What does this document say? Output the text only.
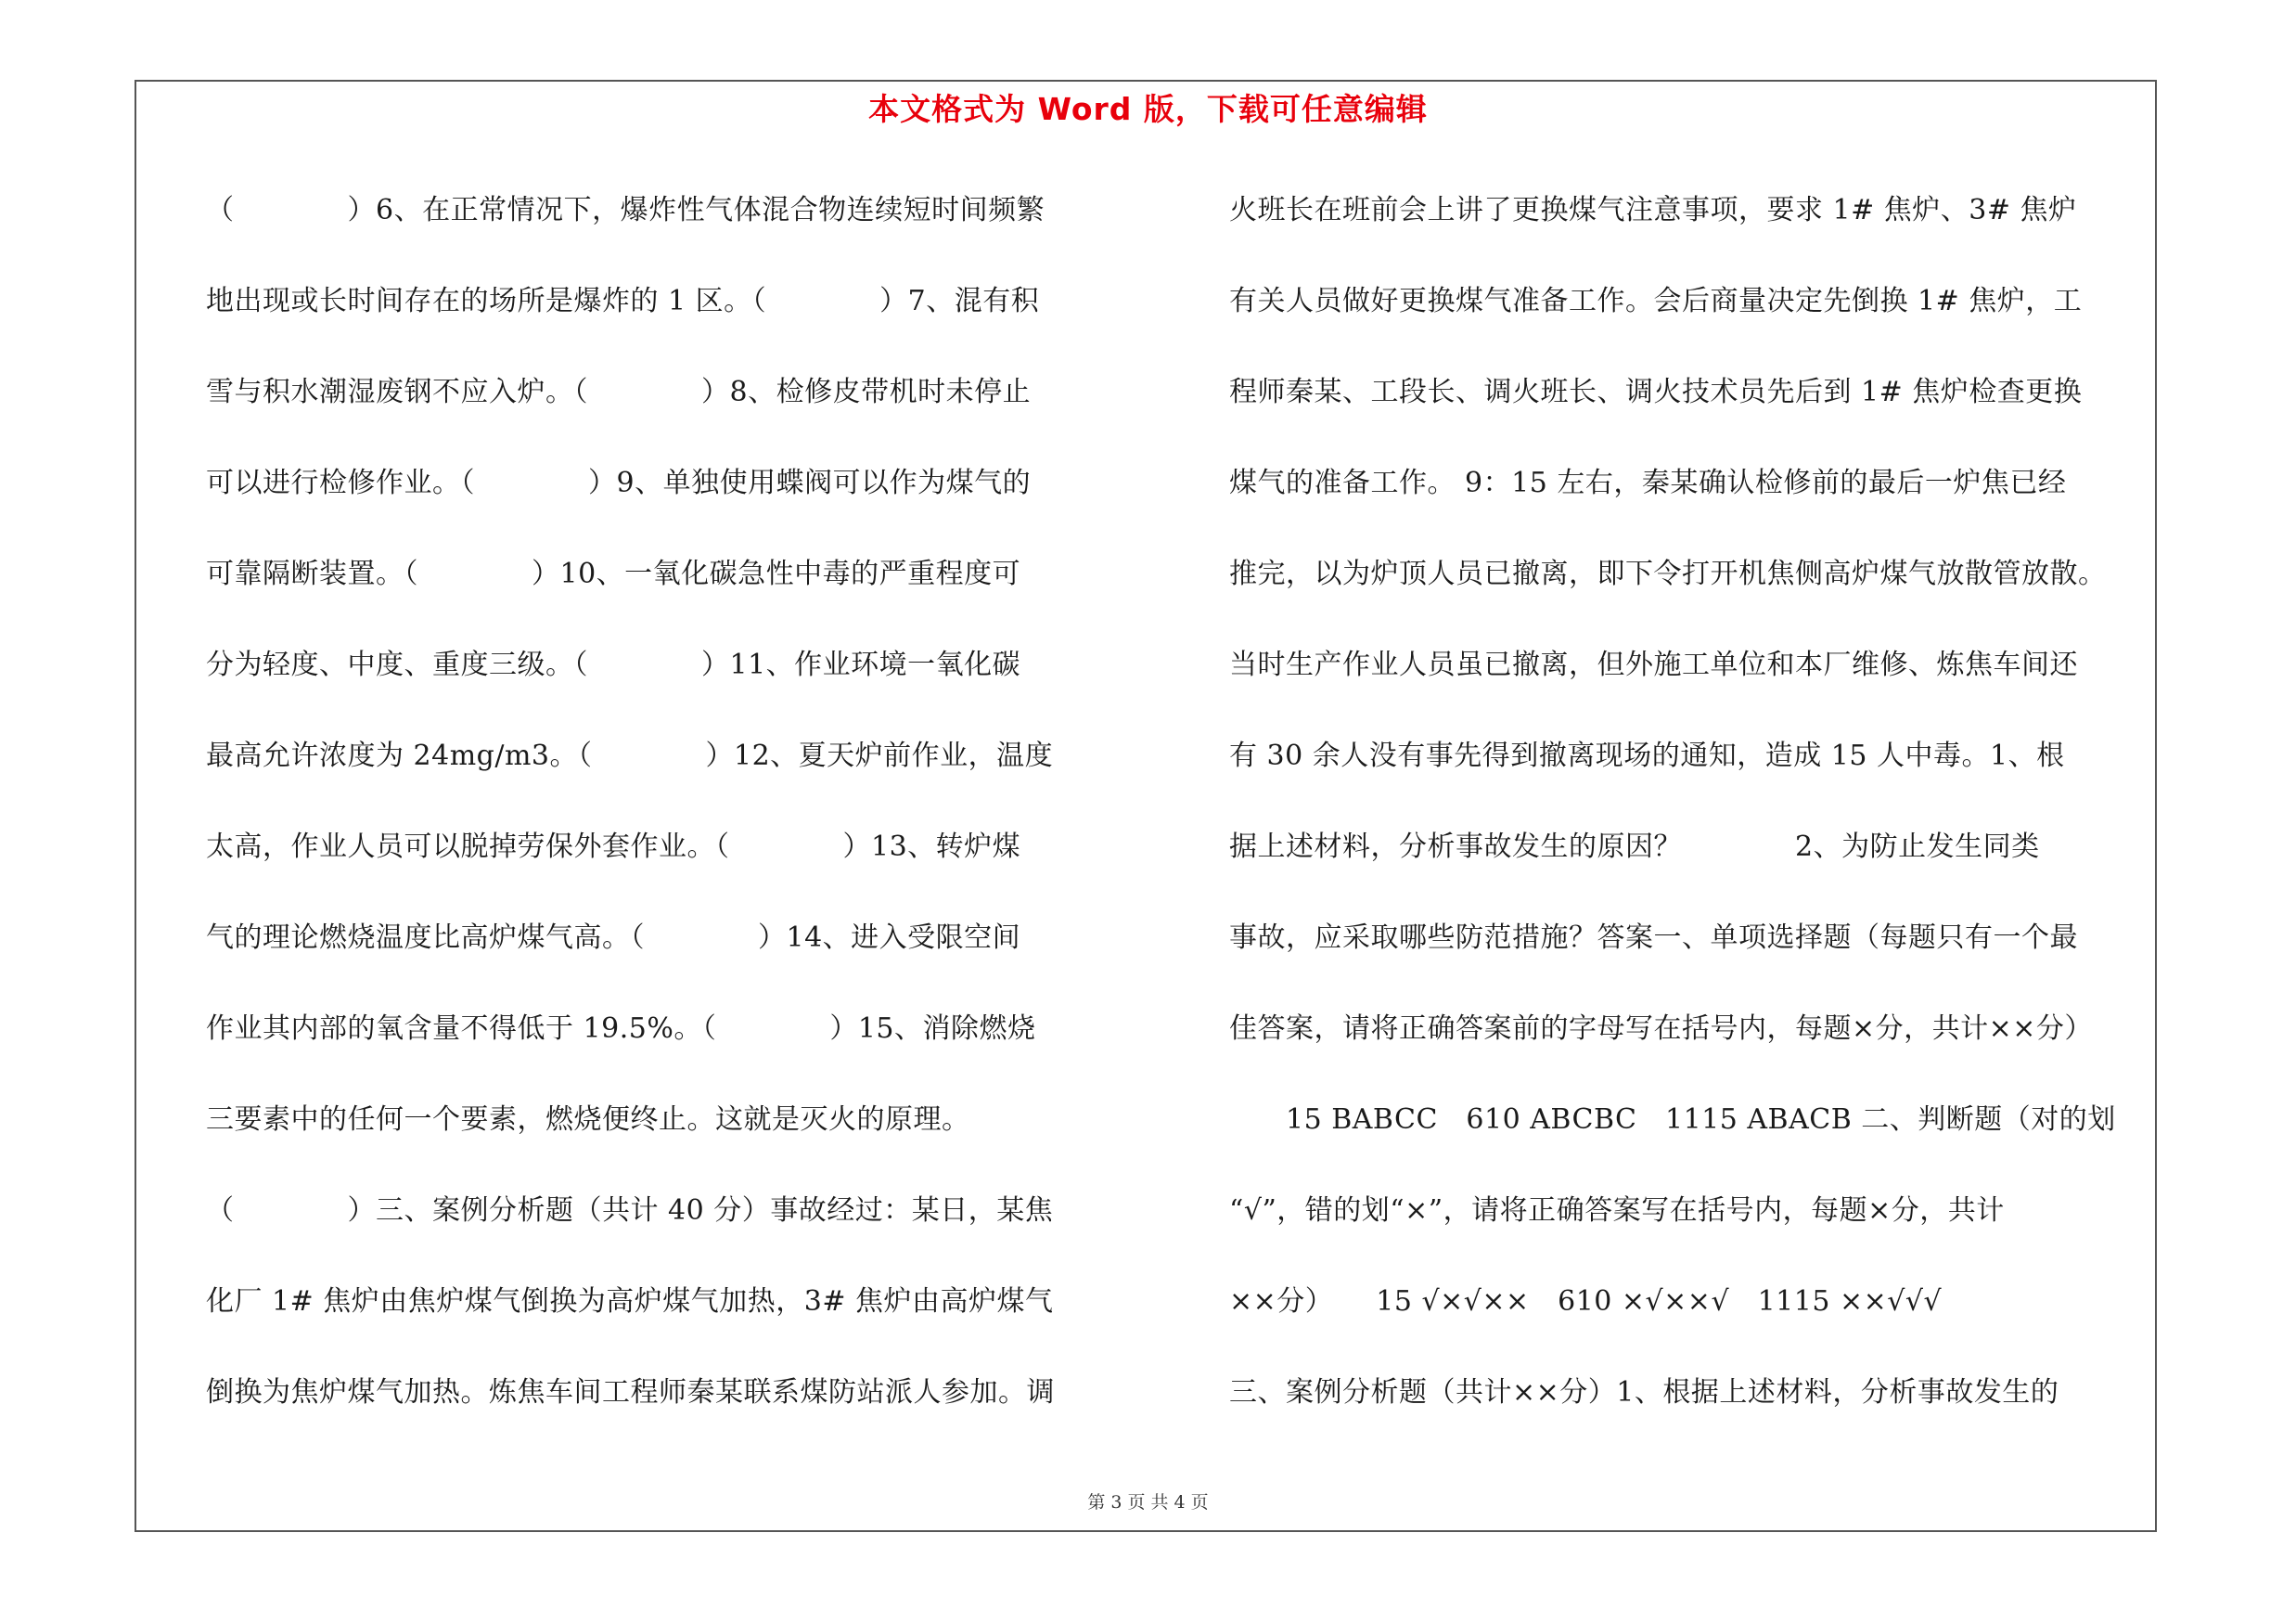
本文格式为 Word 版，下载可任意编辑
（　　　　）6、在正常情况下，爆炸性气体混合物连续短时间频繁
地出现或长时间存在的场所是爆炸的 1 区。（　　　　）7、混有积
雪与积水潮湿废钢不应入炉。（　　　　）8、检修皮带机时未停止
可以进行检修作业。（　　　　）9、单独使用蝶阀可以作为煤气的
可靠隔断装置。（　　　　）10、一氧化碳急性中毒的严重程度可
分为轻度、中度、重度三级。（　　　　）11、作业环境一氧化碳
最高允许浓度为 24mg/m3。（　　　　）12、夏天炉前作业，温度
太高，作业人员可以脱掉劳保外套作业。（　　　　）13、转炉煤
气的理论燃烧温度比高炉煤气高。（　　　　）14、进入受限空间
作业其内部的氧含量不得低于 19.5%。（　　　　）15、消除燃烧
三要素中的任何一个要素，燃烧便终止。这就是灭火的原理。
（　　　　）三、案例分析题（共计 40 分）事故经过：某日，某焦
化厂 1# 焦炉由焦炉煤气倒换为高炉煤气加热，3# 焦炉由高炉煤气
倒换为焦炉煤气加热。炼焦车间工程师秦某联系煤防站派人参加。调
火班长在班前会上讲了更换煤气注意事项，要求 1# 焦炉、3# 焦炉
有关人员做好更换煤气准备工作。会后商量决定先倒换 1# 焦炉，工
程师秦某、工段长、调火班长、调火技术员先后到 1# 焦炉检查更换
煤气的准备工作。 9：15 左右，秦某确认检修前的最后一炉焦已经
推完，以为炉顶人员已撤离，即下令打开机焦侧高炉煤气放散管放散。
当时生产作业人员虽已撤离，但外施工单位和本厂维修、炼焦车间还
有 30 余人没有事先得到撤离现场的通知，造成 15 人中毒。1、根
据上述材料，分析事故发生的原因？　　　　2、为防止发生同类
事故，应采取哪些防范措施？答案一、单项选择题（每题只有一个最
佳答案，请将正确答案前的字母写在括号内，每题×分，共计××分）
　　15 BABCC　610 ABCBC　1115 ABACB 二、判断题（对的划
“√”，错的划“×”，请将正确答案写在括号内，每题×分，共计
××分）　　15 √×√××　610 ×√××√　1115 ××√√√
三、案例分析题（共计××分）1、根据上述材料，分析事故发生的
第 3 页 共 4 页
